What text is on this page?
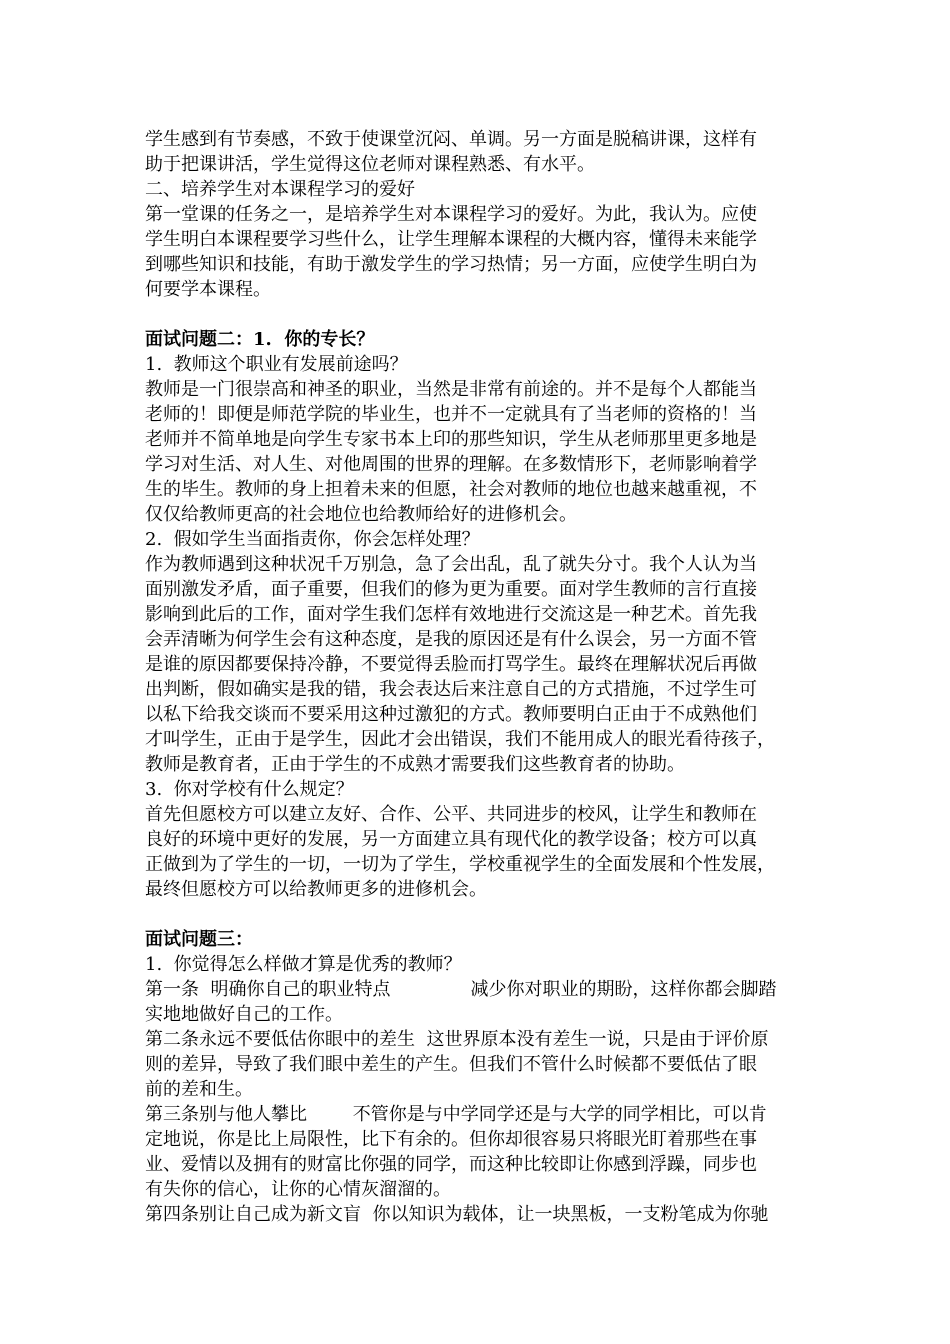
学生感到有节奏感，不致于使课堂沉闷、单调。另一方面是脱稿讲课，这样有

助于把课讲活，学生觉得这位老师对课程熟悉、有水平。

二、培养学生对本课程学习的爱好

第一堂课的任务之一，是培养学生对本课程学习的爱好。为此，我认为。应使

学生明白本课程要学习些什么，让学生理解本课程的大概内容，懂得未来能学

到哪些知识和技能，有助于激发学生的学习热情；另一方面，应使学生明白为

何要学本课程。

面试问题二：1.  你的专长？

1.  教师这个职业有发展前途吗？

教师是一门很崇高和神圣的职业，当然是非常有前途的。并不是每个人都能当

老师的！即便是师范学院的毕业生，也并不一定就具有了当老师的资格的！当

老师并不简单地是向学生专家书本上印的那些知识，学生从老师那里更多地是

学习对生活、对人生、对他周围的世界的理解。在多数情形下，老师影响着学

生的毕生。教师的身上担着未来的但愿，社会对教师的地位也越来越重视，不

仅仅给教师更高的社会地位也给教师给好的进修机会。

2.  假如学生当面指责你，你会怎样处理？

作为教师遇到这种状况千万别急，急了会出乱，乱了就失分寸。我个人认为当

面别激发矛盾，面子重要，但我们的修为更为重要。面对学生教师的言行直接

影响到此后的工作，面对学生我们怎样有效地进行交流这是一种艺术。首先我

会弄清晰为何学生会有这种态度，是我的原因还是有什么误会，另一方面不管

是谁的原因都要保持冷静，不要觉得丢脸而打骂学生。最终在理解状况后再做

出判断，假如确实是我的错，我会表达后来注意自己的方式措施，不过学生可

以私下给我交谈而不要采用这种过激犯的方式。教师要明白正由于不成熟他们

才叫学生，正由于是学生，因此才会出错误，我们不能用成人的眼光看待孩子，

教师是教育者，正由于学生的不成熟才需要我们这些教育者的协助。

3.  你对学校有什么规定？

首先但愿校方可以建立友好、合作、公平、共同进步的校风，让学生和教师在

良好的环境中更好的发展，另一方面建立具有现代化的教学设备；校方可以真

正做到为了学生的一切，一切为了学生，学校重视学生的全面发展和个性发展，

最终但愿校方可以给教师更多的进修机会。

面试问题三：

1.  你觉得怎么样做才算是优秀的教师？

第一条  明确你自己的职业特点              减少你对职业的期盼，这样你都会脚踏

实地地做好自己的工作。

第二条永远不要低估你眼中的差生  这世界原本没有差生一说，只是由于评价原

则的差异，导致了我们眼中差生的产生。但我们不管什么时候都不要低估了眼

前的差和生。

第三条别与他人攀比        不管你是与中学同学还是与大学的同学相比，可以肯

定地说，你是比上局限性，比下有余的。但你却很容易只将眼光盯着那些在事

业、爱情以及拥有的财富比你强的同学，而这种比较即让你感到浮躁，同步也

有失你的信心，让你的心情灰溜溜的。

第四条别让自己成为新文盲  你以知识为载体，让一块黑板，一支粉笔成为你驰
